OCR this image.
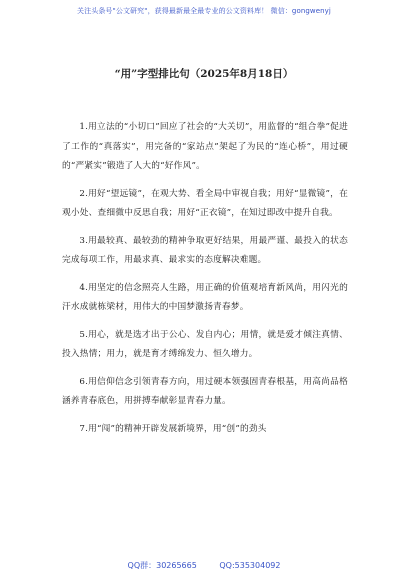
关注头条号"公文研究"，获得最新最全最专业的公文资料库！ 微信：gongwenyj
“用”字型排比句（2025年8月18日）

1.用立法的“小切口”回应了社会的“大关切”，用监督的“组合拳”促进了工作的“真落实”，用完备的“家站点”架起了为民的“连心桥”，用过硬的“严紧实”锻造了人大的“好作风”。

2.用好“望远镜”，在观大势、看全局中审视自我；用好“显微镜”，在观小处、查细微中反思自我；用好“正衣镜”，在知过即改中提升自我。

3.用最较真、最较劲的精神争取更好结果，用最严谨、最投入的状态完成每项工作，用最求真、最求实的态度解决难题。

4.用坚定的信念照亮人生路，用正确的价值观培育新风尚，用闪光的汗水成就栋梁材，用伟大的中国梦激扬青春梦。

5.用心，就是选才出于公心、发自内心；用情，就是爱才倾注真情、投入热情；用力，就是育才缚绵发力、恒久增力。

6.用信仰信念引领青春方向，用过硬本领强固青春根基，用高尚品格涵养青春底色，用拼搏奉献彰显青春力量。

7.用“闯”的精神开辟发展新境界，用“创”的劲头

QQ群：30265665	QQ:535304092
